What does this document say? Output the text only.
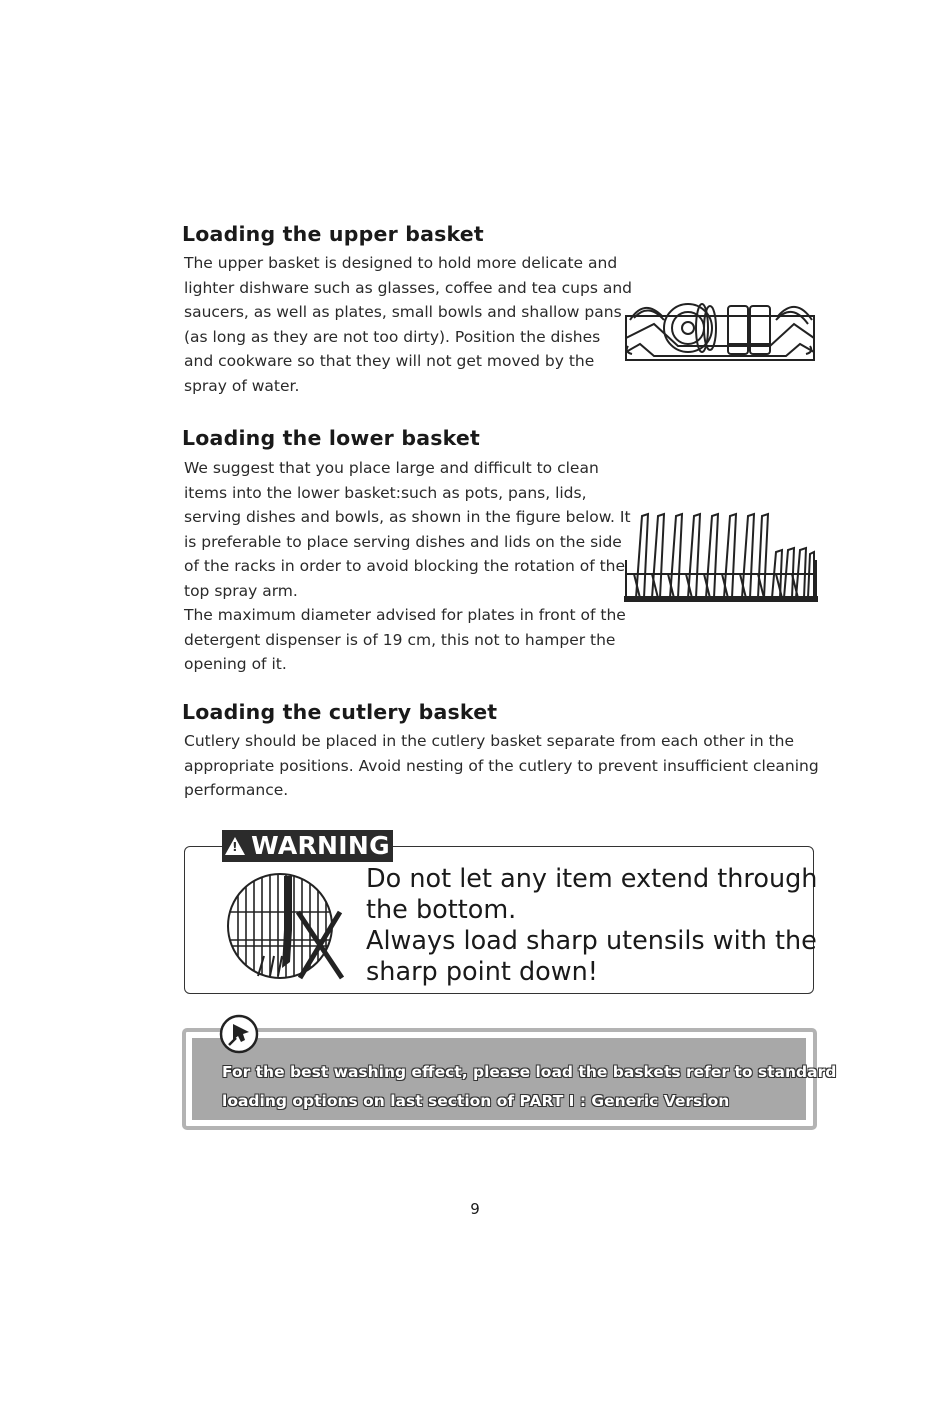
Loading the upper basket

The upper basket is designed to hold more delicate and
lighter dishware such as glasses, coffee and tea cups and
saucers, as well as plates, small bowls and shallow pans
(as long as they are not too dirty). Position the dishes
and cookware so that they will not get moved by the
spray of water.

Loading the lower basket

We suggest that you place large and difficult to clean
items into the lower basket:such as pots, pans, lids,
serving dishes and bowls, as shown in the figure below. It
is preferable to place serving dishes and lids on the side
of the racks in order to avoid blocking the rotation of the
top spray arm.
The maximum diameter advised for plates in front of the
detergent dispenser is of 19 cm, this not to hamper the
opening of it.

Loading the cutlery basket

Cutlery should be placed in the cutlery basket separate from each other in the
appropriate positions. Avoid nesting of the cutlery to prevent insufficient cleaning
performance.

!
WARNING

Do not let any item extend through
the bottom.
Always load sharp utensils with the
sharp point down!

For the best washing effect, please load the baskets refer to standard
loading options on last section of PART Ⅰ : Generic Version

9
